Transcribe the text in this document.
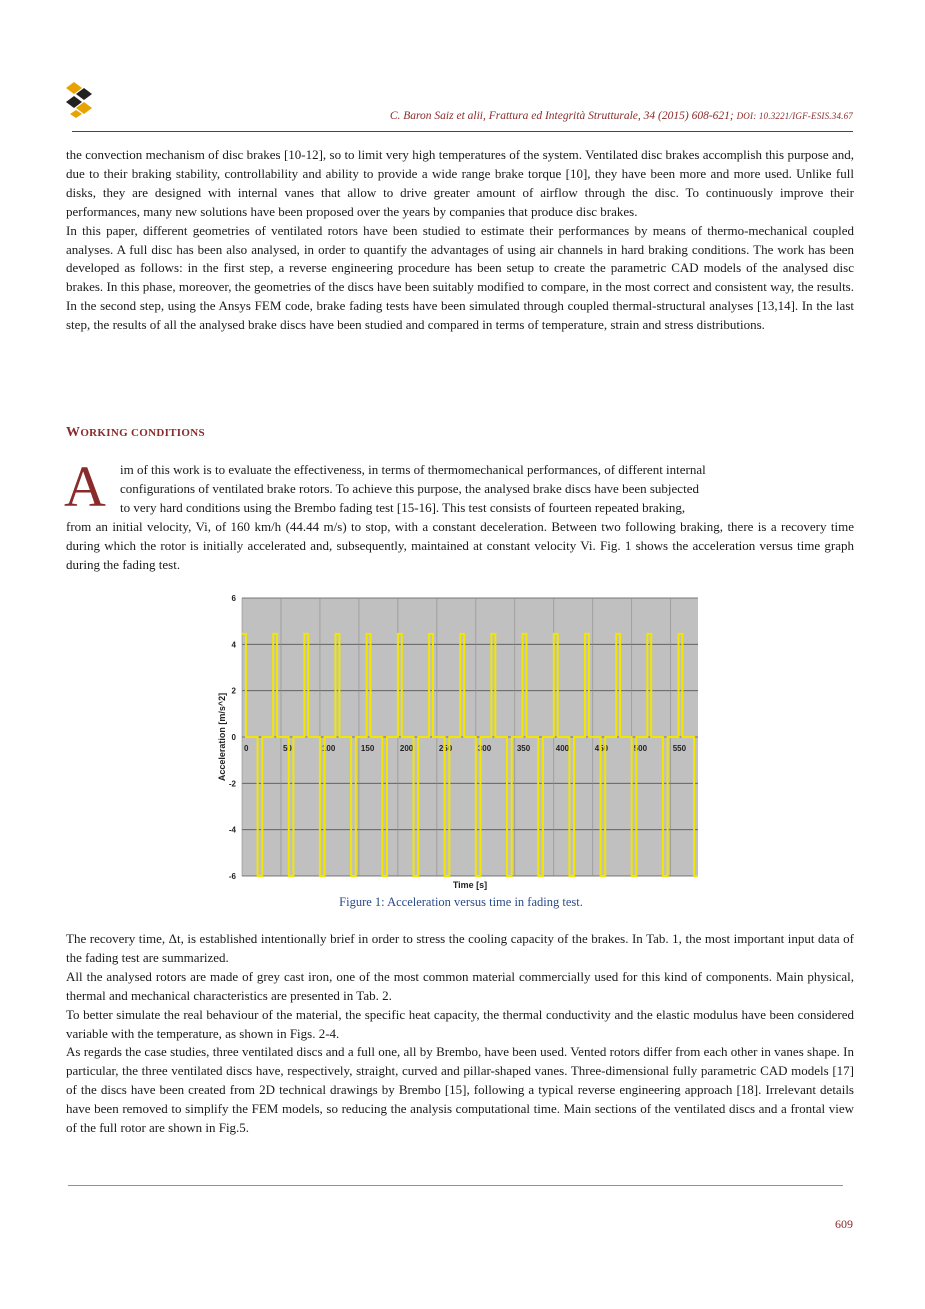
C. Baron Saiz et alii, Frattura ed Integrità Strutturale, 34 (2015) 608-621; DOI: 10.3221/IGF-ESIS.34.67

the convection mechanism of disc brakes [10-12], so to limit very high temperatures of the system. Ventilated disc brakes accomplish this purpose and, due to their braking stability, controllability and ability to provide a wide range brake torque [10], they have been more and more used. Unlike full disks, they are designed with internal vanes that allow to drive greater amount of airflow through the disc. To continuously improve their performances, many new solutions have been proposed over the years by companies that produce disc brakes.

In this paper, different geometries of ventilated rotors have been studied to estimate their performances by means of thermo-mechanical coupled analyses. A full disc has been also analysed, in order to quantify the advantages of using air channels in hard braking conditions. The work has been developed as follows: in the first step, a reverse engineering procedure has been setup to create the parametric CAD models of the analysed disc brakes. In this phase, moreover, the geometries of the discs have been suitably modified to compare, in the most correct and consistent way, the results. In the second step, using the Ansys FEM code, brake fading tests have been simulated through coupled thermal-structural analyses [13,14]. In the last step, the results of all the analysed brake discs have been studied and compared in terms of temperature, strain and stress distributions.

WORKING CONDITIONS
A	im of this work is to evaluate the effectiveness, in terms of thermomechanical performances, of different internal
configurations of ventilated brake rotors. To achieve this purpose, the analysed brake discs have been subjected
to very hard conditions using the Brembo fading test [15-16]. This test consists of fourteen repeated braking,
from an initial velocity, Vi, of 160 km/h (44.44 m/s) to stop, with a constant deceleration. Between two following braking, there is a recovery time during which the rotor is initially accelerated and, subsequently, maintained at constant velocity Vi. Fig. 1 shows the acceleration versus time graph during the fading test.
6
4
2
0
-2
-4
-6
0	50	100	150	200	250	300	350	400	450	500	550
Acceleration [m/s^2]
Time [s]
Figure 1: Acceleration versus time in fading test.

The recovery time, Δt, is established intentionally brief in order to stress the cooling capacity of the brakes. In Tab. 1, the most important input data of the fading test are summarized.

All the analysed rotors are made of grey cast iron, one of the most common material commercially used for this kind of components. Main physical, thermal and mechanical characteristics are presented in Tab. 2.

To better simulate the real behaviour of the material, the specific heat capacity, the thermal conductivity and the elastic modulus have been considered variable with the temperature, as shown in Figs. 2-4.

As regards the case studies, three ventilated discs and a full one, all by Brembo, have been used. Vented rotors differ from each other in vanes shape. In particular, the three ventilated discs have, respectively, straight, curved and pillar-shaped vanes. Three-dimensional fully parametric CAD models [17] of the discs have been created from 2D technical drawings by Brembo [15], following a typical reverse engineering approach [18]. Irrelevant details have been removed to simplify the FEM models, so reducing the analysis computational time. Main sections of the ventilated discs and a frontal view of the full rotor are shown in Fig.5.

609
